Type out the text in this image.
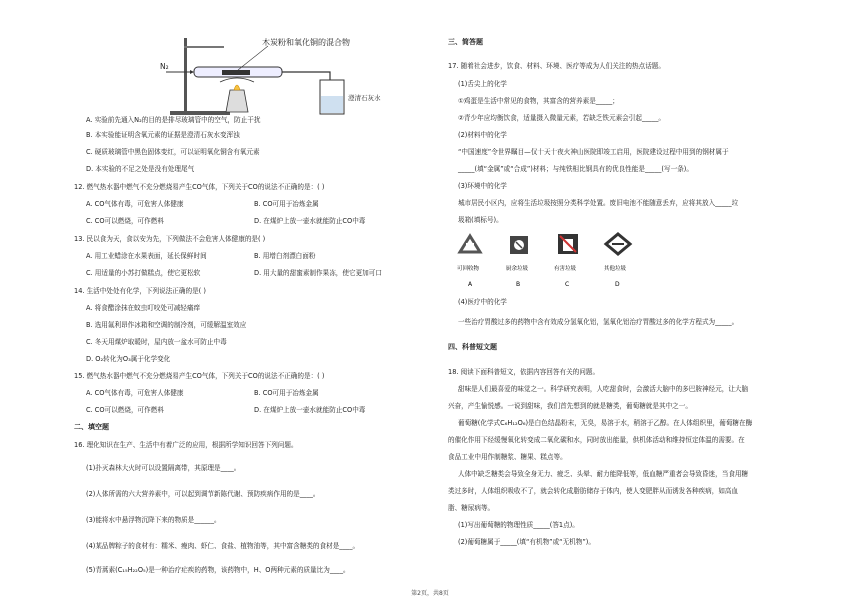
木炭粉和氧化铜的混合物
N₂
澄清石灰水
A. 实验前先通入N₂的目的是排尽玻璃管中的空气，防止干扰
B. 本实验能证明含氧元素的证据是澄清石灰水变浑浊
C. 硬质玻璃管中黑色固体变红，可以证明氧化铜含有氧元素
D. 本实验的不足之处是没有处理尾气
12. 燃气热水器中燃气不充分燃烧易产生CO气体，下列关于CO的说法不正确的是：( )
A. CO气体有毒，可危害人体健康	B. CO可用于冶炼金属
C. CO可以燃烧，可作燃料	D. 在煤炉上放一壶水就能防止CO中毒
13. 民以食为天，食以安为先，下列做法不会危害人体健康的是( )
A. 用工业蜡涂在水果表面，延长保鲜时间	B. 用增白剂漂白面粉
C. 用适量的小苏打做糕点，使它更松软	D. 用大量的甜蜜素制作果冻，使它更加可口
14. 生活中处处有化学，下列说法正确的是( )
A. 将食醋涂抹在蚊虫叮咬处可减轻痛痒
B. 选用氟利昂作冰箱和空调的制冷剂，可缓解温室效应
C. 冬天用煤炉取暖时，屋内放一盆水可防止中毒
D. O₂转化为O₃属于化学变化
15. 燃气热水器中燃气不充分燃烧易产生CO气体，下列关于CO的说法不正确的是：( )
A. CO气体有毒，可危害人体健康	B. CO可用于冶炼金属
C. CO可以燃烧，可作燃料	D. 在煤炉上放一壶水就能防止CO中毒
二、填空题
16. 理化知识在生产、生活中有着广泛的应用，根据所学知识回答下列问题。
(1)扑灭森林大火时可以设置隔离带，其原理是____。
(2)人体所需的六大营养素中，可以起到调节新陈代谢、预防疾病作用的是____。
(3)能将水中悬浮物沉降下来的物质是______。
(4)某品牌粽子的食材有：糯米、瘦肉、虾仁、食盐、植物油等，其中富含糖类的食材是____。
(5)青蒿素(C₁₅H₂₂O₅)是一种治疗疟疾的药物，该药物中，H、O两种元素的质量比为____。
三、简答题
17. 随着社会进步，饮食、材料、环境、医疗等成为人们关注的热点话题。
(1)舌尖上的化学
①鸡蛋是生活中常见的食物，其富含的营养素是_____；
②青少年应均衡饮食，适量摄入微量元素，若缺乏铁元素会引起_____。
(2)材料中的化学
“中国速度”令世界瞩目—仅十天十夜火神山医院即竣工启用，医院建设过程中用到的钢材属于
_____(填“金属”或“合成”)材料；与纯铁相比钢具有的优良性能是_____(写一条)。
(3)环境中的化学
城市居民小区内，应将生活垃圾按照分类科学处置。废旧电池不能随意丢弃，应将其放入_____垃
圾箱(填标号)。
可回收物
A
厨余垃圾
B
有害垃圾
C
其他垃圾
D
(4)医疗中的化学
一些治疗胃酸过多的药物中含有效成分氢氧化铝，氢氧化铝治疗胃酸过多的化学方程式为_____。
四、科普短文题
18. 阅读下面科普短文，依据内容回答有关的问题。
甜味是人们最喜爱的味觉之一。科学研究表明，人吃甜食时，会激活大脑中的多巴胺神经元，让大脑
兴奋，产生愉悦感。一说到甜味，我们首先想到的就是糖类，葡萄糖就是其中之一。
葡萄糖(化学式C₆H₁₂O₆)是白色结晶粉末，无臭，易溶于水，稍溶于乙醇。在人体组织里，葡萄糖在酶
的催化作用下经缓慢氧化转变成二氧化碳和水，同时放出能量，供机体活动和维持恒定体温的需要。在
食品工业中用作制糖浆、糖果、糕点等。
人体中缺乏糖类会导致全身无力、疲乏、头晕、耐力能降低等，低血糖严重者会导致昏迷，当食用糖
类过多时，人体组织吸收不了，就会转化成脂肪储存于体内，使人变肥胖从而诱发各种疾病，如高血
脂、糖尿病等。
(1)写出葡萄糖的物理性质_____(答1点)。
(2)葡萄糖属于_____(填“有机物”或“无机物”)。
第2页，共8页
